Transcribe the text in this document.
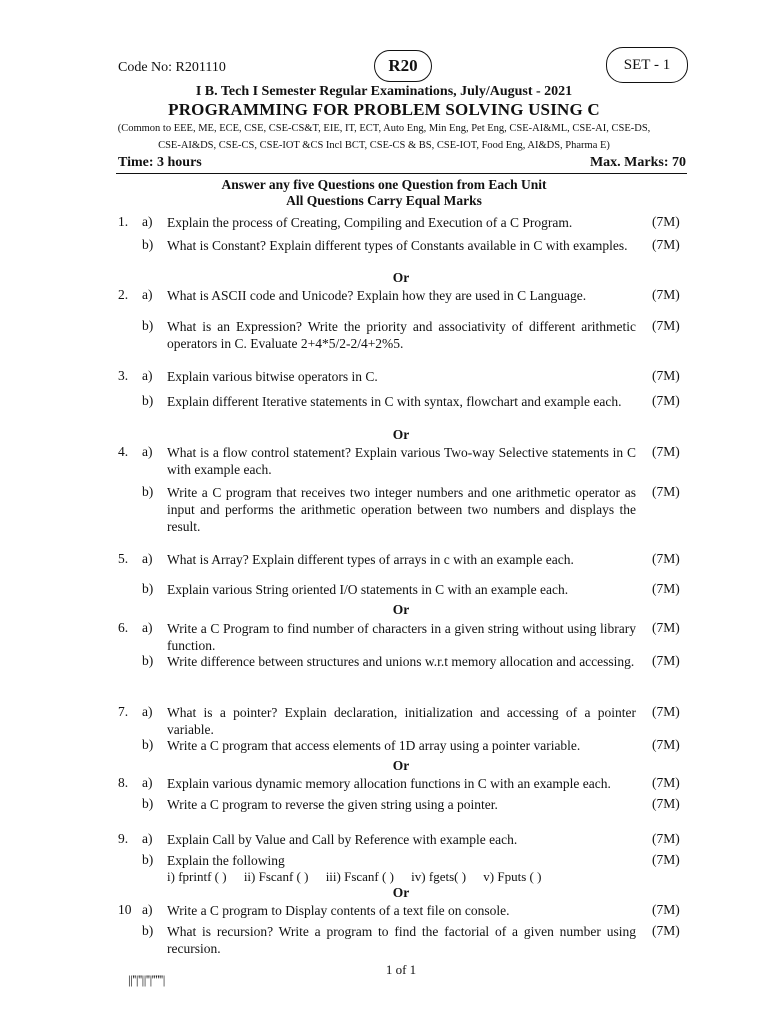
Code No: R201110	R20	SET - 1
I B. Tech I Semester Regular Examinations, July/August - 2021
PROGRAMMING FOR PROBLEM SOLVING USING C
(Common to EEE, ME, ECE, CSE, CSE-CS&T, EIE, IT, ECT, Auto Eng, Min Eng, Pet Eng, CSE-AI&ML, CSE-AI, CSE-DS,
CSE-AI&DS, CSE-CS, CSE-IOT &CS Incl BCT, CSE-CS & BS, CSE-IOT, Food Eng, AI&DS, Pharma E)
Time: 3 hours	Max. Marks: 70
Answer any five Questions one Question from Each Unit
All Questions Carry Equal Marks
1. a) Explain the process of Creating, Compiling and Execution of a C Program.	(7M)
b) What is Constant? Explain different types of Constants available in C with examples.	(7M)
Or
2. a) What is ASCII code and Unicode? Explain how they are used in C Language.	(7M)
b) What is an Expression? Write the priority and associativity of different arithmetic operators in C. Evaluate 2+4*5/2-2/4+2%5.
(7M)
3. a) Explain various bitwise operators in C.	(7M)
b) Explain different Iterative statements in C with syntax, flowchart and example each.	(7M)
Or
4. a) What is a flow control statement? Explain various Two-way Selective statements in C with example each.
(7M)
b) Write a C program that receives two integer numbers and one arithmetic operator as input and performs the arithmetic operation between two numbers and displays the result.
(7M)
5. a) What is Array? Explain different types of arrays in c with an example each.	(7M)
b) Explain various String oriented I/O statements in C with an example each.	(7M)
Or
6. a) Write a C Program to find number of characters in a given string without using library function.
(7M)
b) Write difference between structures and unions w.r.t memory allocation and accessing. (7M)
7. a) What is a pointer? Explain declaration, initialization and accessing of a pointer variable.
(7M)
b) Write a C program that access elements of 1D array using a pointer variable.	(7M)
Or
8. a) Explain various dynamic memory allocation functions in C with an example each.	(7M)
b) Write a C program to reverse the given string using a pointer.	(7M)
9. a) Explain Call by Value and Call by Reference with example each.	(7M)
b) Explain the following	(7M)
i) fprintf ( ) ii) Fscanf ( ) iii) Fscanf ( ) iv) fgets( ) v) Fputs ( )
Or
10 a) Write a C program to Display contents of a text file on console.	(7M)
b) What is recursion? Write a program to find the factorial of a given number using recursion.
(7M)
1 of 1
||''|''||''|''''''|
